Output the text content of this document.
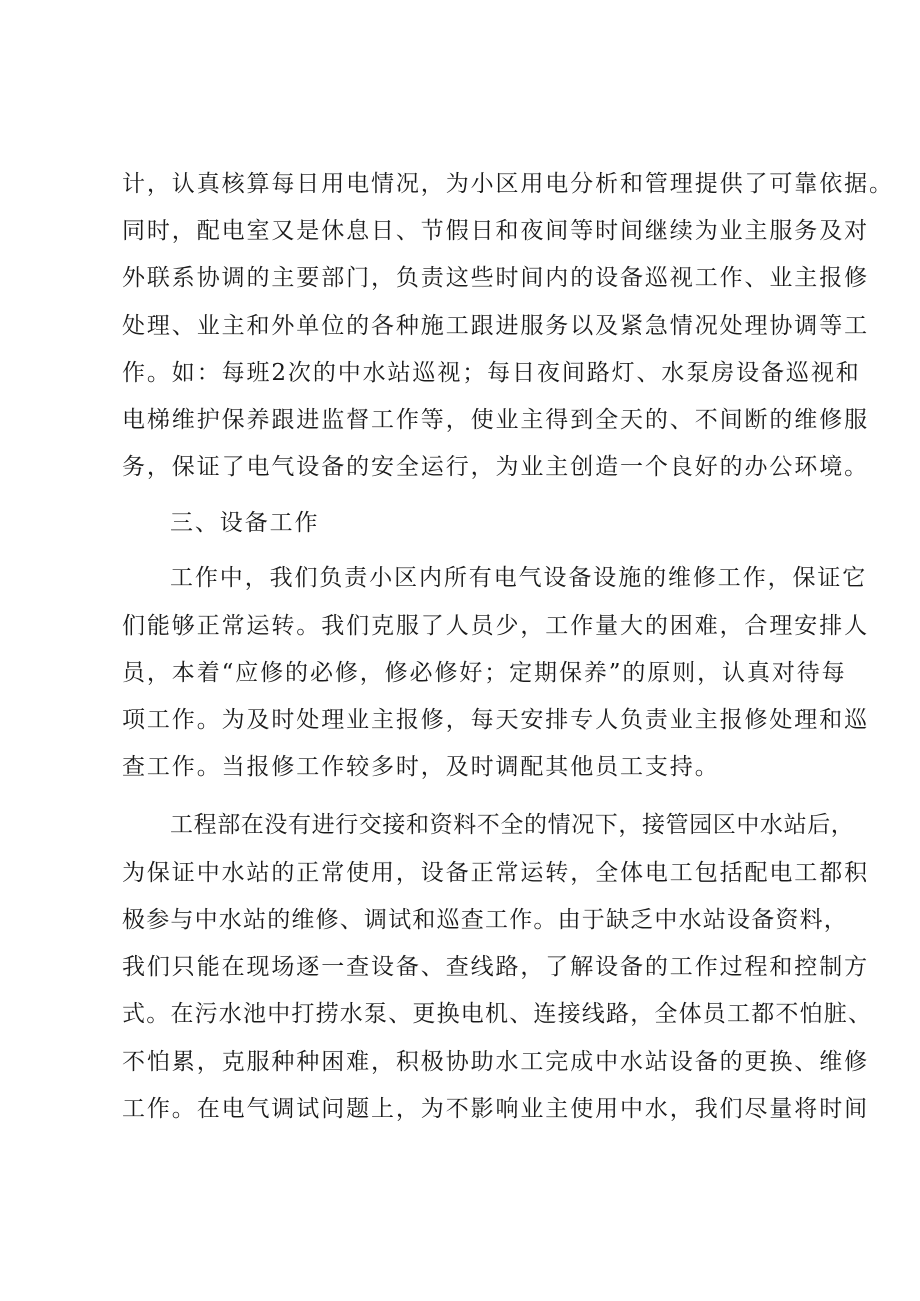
计，认真核算每日用电情况，为小区用电分析和管理提供了可靠依据。
同时，配电室又是休息日、节假日和夜间等时间继续为业主服务及对
外联系协调的主要部门，负责这些时间内的设备巡视工作、业主报修
处理、业主和外单位的各种施工跟进服务以及紧急情况处理协调等工
作。如：每班2次的中水站巡视；每日夜间路灯、水泵房设备巡视和
电梯维护保养跟进监督工作等，使业主得到全天的、不间断的维修服
务，保证了电气设备的安全运行，为业主创造一个良好的办公环境。
三、设备工作
工作中，我们负责小区内所有电气设备设施的维修工作，保证它
们能够正常运转。我们克服了人员少，工作量大的困难，合理安排人
员，本着“应修的必修，修必修好；定期保养”的原则，认真对待每
项工作。为及时处理业主报修，每天安排专人负责业主报修处理和巡
查工作。当报修工作较多时，及时调配其他员工支持。
工程部在没有进行交接和资料不全的情况下，接管园区中水站后，
为保证中水站的正常使用，设备正常运转，全体电工包括配电工都积
极参与中水站的维修、调试和巡查工作。由于缺乏中水站设备资料，
我们只能在现场逐一查设备、查线路，了解设备的工作过程和控制方
式。在污水池中打捞水泵、更换电机、连接线路，全体员工都不怕脏、
不怕累，克服种种困难，积极协助水工完成中水站设备的更换、维修
工作。在电气调试问题上，为不影响业主使用中水，我们尽量将时间
